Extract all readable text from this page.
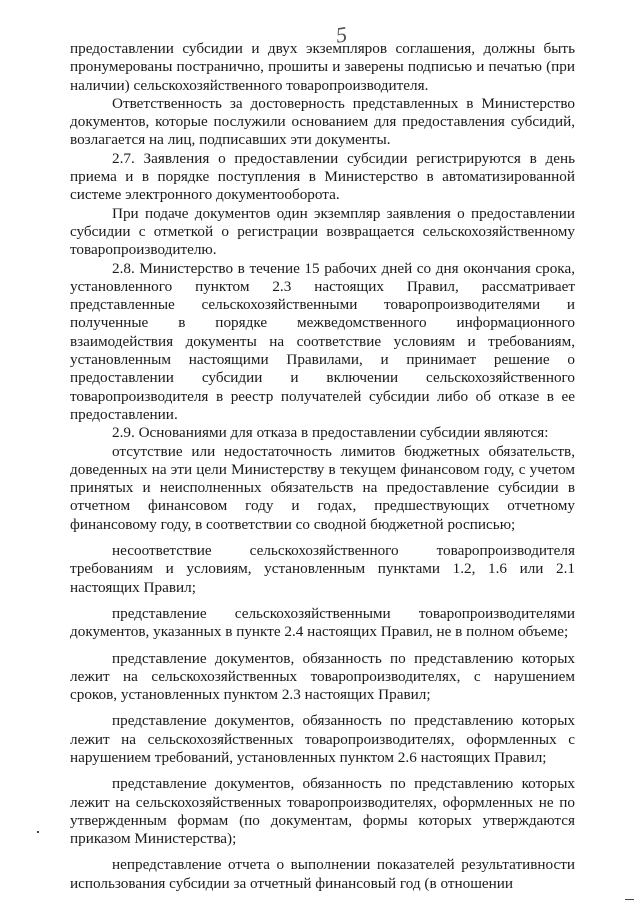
5

предоставлении субсидии и двух экземпляров соглашения, должны быть пронумерованы постранично, прошиты и заверены подписью и печатью (при наличии) сельскохозяйственного товаропроизводителя.

Ответственность за достоверность представленных в Министерство документов, которые послужили основанием для предоставления субсидий, возлагается на лиц, подписавших эти документы.

2.7. Заявления о предоставлении субсидии регистрируются в день приема и в порядке поступления в Министерство в автоматизированной системе электронного документооборота.

При подаче документов один экземпляр заявления о предоставлении субсидии с отметкой о регистрации возвращается сельскохозяйственному товаропроизводителю.

2.8. Министерство в течение 15 рабочих дней со дня окончания срока, установленного пунктом 2.3 настоящих Правил, рассматривает представленные сельскохозяйственными товаропроизводителями и полученные в порядке межведомственного информационного взаимодействия документы на соответствие условиям и требованиям, установленным настоящими Правилами, и принимает решение о предоставлении субсидии и включении сельскохозяйственного товаропроизводителя в реестр получателей субсидии либо об отказе в ее предоставлении.

2.9. Основаниями для отказа в предоставлении субсидии являются:

отсутствие или недостаточность лимитов бюджетных обязательств, доведенных на эти цели Министерству в текущем финансовом году, с учетом принятых и неисполненных обязательств на предоставление субсидии в отчетном финансовом году и годах, предшествующих отчетному финансовому году, в соответствии со сводной бюджетной росписью;

несоответствие сельскохозяйственного товаропроизводителя требованиям и условиям, установленным пунктами 1.2, 1.6 или 2.1 настоящих Правил;

представление сельскохозяйственными товаропроизводителями документов, указанных в пункте 2.4 настоящих Правил, не в полном объеме;

представление документов, обязанность по представлению которых лежит на сельскохозяйственных товаропроизводителях, с нарушением сроков, установленных пунктом 2.3 настоящих Правил;

представление документов, обязанность по представлению которых лежит на сельскохозяйственных товаропроизводителях, оформленных с нарушением требований, установленных пунктом 2.6 настоящих Правил;

представление документов, обязанность по представлению которых лежит на сельскохозяйственных товаропроизводителях, оформленных не по утвержденным формам (по документам, формы которых утверждаются приказом Министерства);

непредставление отчета о выполнении показателей результативности использования субсидии за отчетный финансовый год (в отношении
